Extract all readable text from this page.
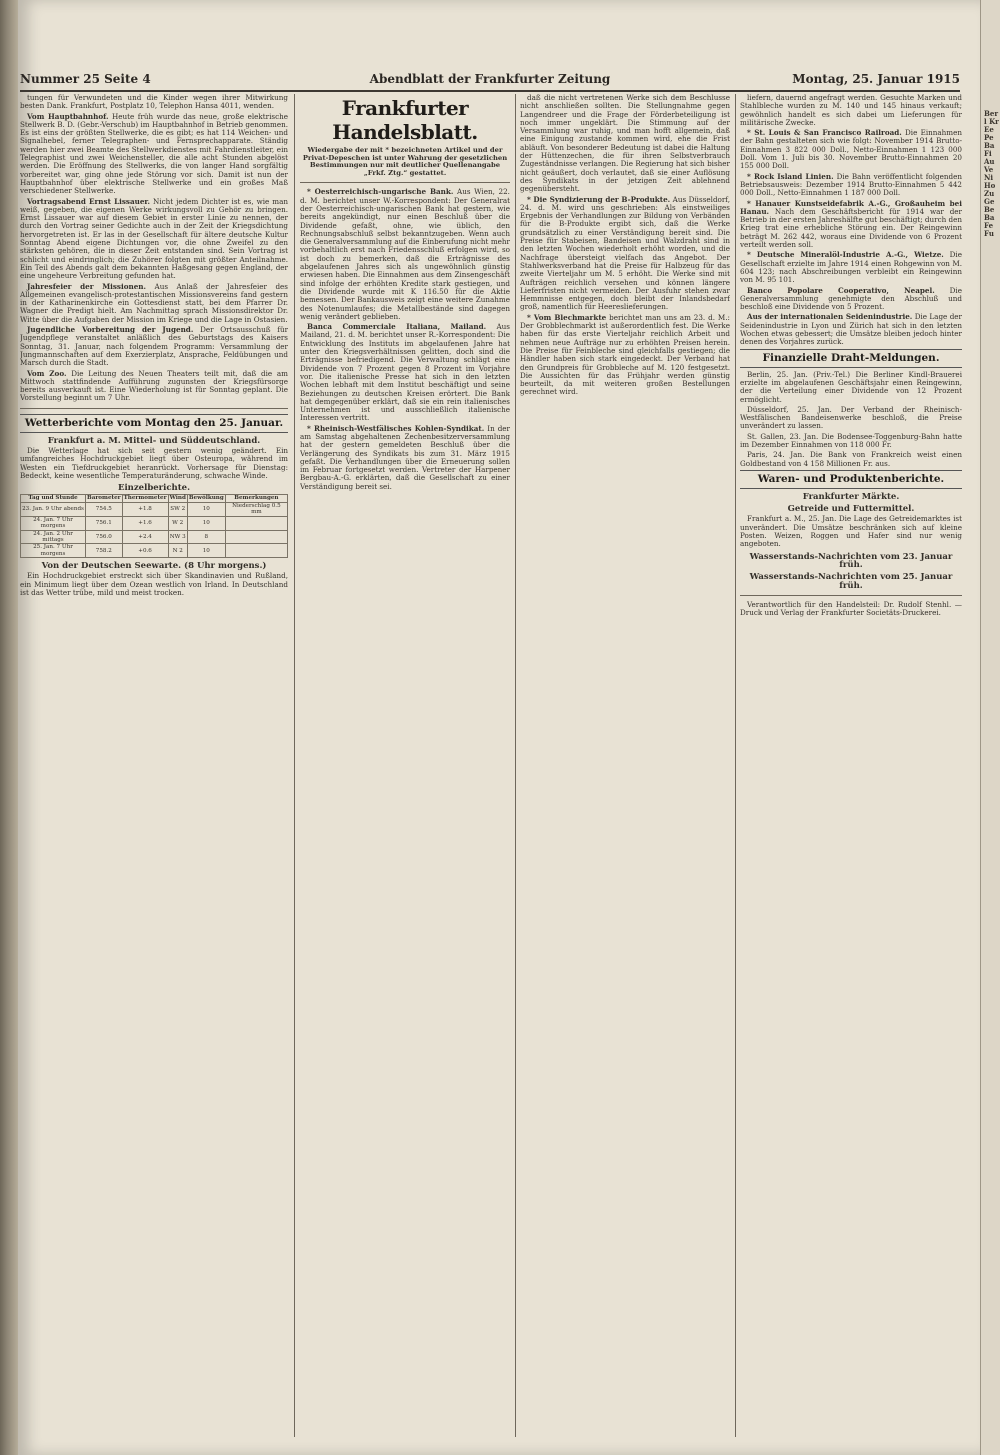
Berl Kr Ee Pe Ba Fi Au Ve Ni Ho Zu Ge Be Ba Fe Fu
Nummer 25 Seite 4	Abendblatt der Frankfurter Zeitung	Montag, 25. Januar 1915

tungen für Verwundeten und die Kinder wegen ihrer Mitwirkung besten Dank. Frankfurt, Postplatz 10, Telephon Hansa 4011, wenden.

Vom Hauptbahnhof. Heute früh wurde das neue, große elektrische Stellwerk B. D. (Gebr.-Verschub) im Hauptbahnhof in Betrieb genommen. Es ist eins der größten Stellwerke, die es gibt; es hat 114 Weichen- und Signalhebel, ferner Telegraphen- und Fernsprechapparate. Ständig werden hier zwei Beamte des Stellwerkdienstes mit Fahrdienstleiter, ein Telegraphist und zwei Weichensteller, die alle acht Stunden abgelöst werden. Die Eröffnung des Stellwerks, die von langer Hand sorgfältig vorbereitet war, ging ohne jede Störung vor sich. Damit ist nun der Hauptbahnhof über elektrische Stellwerke und ein großes Maß verschiedener Stellwerke.

Vortragsabend Ernst Lissauer. Nicht jedem Dichter ist es, wie man weiß, gegeben, die eigenen Werke wirkungsvoll zu Gehör zu bringen. Ernst Lissauer war auf diesem Gebiet in erster Linie zu nennen, der durch den Vortrag seiner Gedichte auch in der Zeit der Kriegsdichtung hervorgetreten ist. Er las in der Gesellschaft für ältere deutsche Kultur Sonntag Abend eigene Dichtungen vor, die ohne Zweifel zu den stärksten gehören, die in dieser Zeit entstanden sind. Sein Vortrag ist schlicht und eindringlich; die Zuhörer folgten mit größter Anteilnahme. Ein Teil des Abends galt dem bekannten Haßgesang gegen England, der eine ungeheure Verbreitung gefunden hat.

Jahresfeier der Missionen. Aus Anlaß der Jahresfeier des Allgemeinen evangelisch-protestantischen Missionsvereins fand gestern in der Katharinenkirche ein Gottesdienst statt, bei dem Pfarrer Dr. Wagner die Predigt hielt. Am Nachmittag sprach Missionsdirektor Dr. Witte über die Aufgaben der Mission im Kriege und die Lage in Ostasien.

Jugendliche Vorbereitung der Jugend. Der Ortsausschuß für Jugendpflege veranstaltet anläßlich des Geburtstags des Kaisers Sonntag, 31. Januar, nach folgendem Programm: Versammlung der Jungmannschaften auf dem Exerzierplatz, Ansprache, Feldübungen und Marsch durch die Stadt.

Vom Zoo. Die Leitung des Neuen Theaters teilt mit, daß die am Mittwoch stattfindende Aufführung zugunsten der Kriegsfürsorge bereits ausverkauft ist. Eine Wiederholung ist für Sonntag geplant. Die Vorstellung beginnt um 7 Uhr.

Wetterberichte vom Montag den 25. Januar.
Frankfurt a. M. Mittel- und Süddeutschland.

Die Wetterlage hat sich seit gestern wenig geändert. Ein umfangreiches Hochdruckgebiet liegt über Osteuropa, während im Westen ein Tiefdruckgebiet heranrückt. Vorhersage für Dienstag: Bedeckt, keine wesentliche Temperaturänderung, schwache Winde.

Einzelberichte.
Tag und Stunde	Barometer	Thermometer	Wind	Bewölkung	Bemerkungen
23. Jan. 9 Uhr abends	754.5	+1.8	SW 2	10	Niederschlag 0.5 mm
24. Jan. 7 Uhr morgens	756.1	+1.6	W 2	10	
24. Jan. 2 Uhr mittags	756.0	+2.4	NW 3	8	
25. Jan. 7 Uhr morgens	758.2	+0.6	N 2	10	
Von der Deutschen Seewarte. (8 Uhr morgens.)

Ein Hochdruckgebiet erstreckt sich über Skandinavien und Rußland, ein Minimum liegt über dem Ozean westlich von Irland. In Deutschland ist das Wetter trübe, mild und meist trocken.

Frankfurter Handelsblatt.
Wiedergabe der mit * bezeichneten Artikel und der Privat-Depeschen ist unter Wahrung der gesetzlichen Bestimmungen nur mit deutlicher Quellenangabe „Frkf. Ztg.“ gestattet.

* Oesterreichisch-ungarische Bank. Aus Wien, 22. d. M. berichtet unser W.-Korrespondent: Der Generalrat der Oesterreichisch-ungarischen Bank hat gestern, wie bereits angekündigt, nur einen Beschluß über die Dividende gefaßt, ohne, wie üblich, den Rechnungsabschluß selbst bekanntzugeben. Wenn auch die Generalversammlung auf die Einberufung nicht mehr vorbehaltlich erst nach Friedensschluß erfolgen wird, so ist doch zu bemerken, daß die Erträgnisse des abgelaufenen Jahres sich als ungewöhnlich günstig erwiesen haben. Die Einnahmen aus dem Zinsengeschäft sind infolge der erhöhten Kredite stark gestiegen, und die Dividende wurde mit K 116.50 für die Aktie bemessen. Der Bankausweis zeigt eine weitere Zunahme des Notenumlaufes; die Metallbestände sind dagegen wenig verändert geblieben.

Banca Commerciale Italiana, Mailand. Aus Mailand, 21. d. M. berichtet unser R.-Korrespondent: Die Entwicklung des Instituts im abgelaufenen Jahre hat unter den Kriegsverhältnissen gelitten, doch sind die Erträgnisse befriedigend. Die Verwaltung schlägt eine Dividende von 7 Prozent gegen 8 Prozent im Vorjahre vor. Die italienische Presse hat sich in den letzten Wochen lebhaft mit dem Institut beschäftigt und seine Beziehungen zu deutschen Kreisen erörtert. Die Bank hat demgegenüber erklärt, daß sie ein rein italienisches Unternehmen ist und ausschließlich italienische Interessen vertritt.

* Rheinisch-Westfälisches Kohlen-Syndikat. In der am Samstag abgehaltenen Zechenbesitzerversammlung hat der gestern gemeldeten Beschluß über die Verlängerung des Syndikats bis zum 31. März 1915 gefaßt. Die Verhandlungen über die Erneuerung sollen im Februar fortgesetzt werden. Vertreter der Harpener Bergbau-A.-G. erklärten, daß die Gesellschaft zu einer Verständigung bereit sei.

daß die nicht vertretenen Werke sich dem Beschlusse nicht anschließen sollten. Die Stellungnahme gegen Langendreer und die Frage der Förderbeteiligung ist noch immer ungeklärt. Die Stimmung auf der Versammlung war ruhig, und man hofft allgemein, daß eine Einigung zustande kommen wird, ehe die Frist abläuft. Von besonderer Bedeutung ist dabei die Haltung der Hüttenzechen, die für ihren Selbstverbrauch Zugeständnisse verlangen. Die Regierung hat sich bisher nicht geäußert, doch verlautet, daß sie einer Auflösung des Syndikats in der jetzigen Zeit ablehnend gegenübersteht.

* Die Syndizierung der B-Produkte. Aus Düsseldorf, 24. d. M. wird uns geschrieben: Als einstweiliges Ergebnis der Verhandlungen zur Bildung von Verbänden für die B-Produkte ergibt sich, daß die Werke grundsätzlich zu einer Verständigung bereit sind. Die Preise für Stabeisen, Bandeisen und Walzdraht sind in den letzten Wochen wiederholt erhöht worden, und die Nachfrage übersteigt vielfach das Angebot. Der Stahlwerksverband hat die Preise für Halbzeug für das zweite Vierteljahr um M. 5 erhöht. Die Werke sind mit Aufträgen reichlich versehen und können längere Lieferfristen nicht vermeiden. Der Ausfuhr stehen zwar Hemmnisse entgegen, doch bleibt der Inlandsbedarf groß, namentlich für Heereslieferungen.

* Vom Blechmarkte berichtet man uns am 23. d. M.: Der Grobblechmarkt ist außerordentlich fest. Die Werke haben für das erste Vierteljahr reichlich Arbeit und nehmen neue Aufträge nur zu erhöhten Preisen herein. Die Preise für Feinbleche sind gleichfalls gestiegen; die Händler haben sich stark eingedeckt. Der Verband hat den Grundpreis für Grobbleche auf M. 120 festgesetzt. Die Aussichten für das Frühjahr werden günstig beurteilt, da mit weiteren großen Bestellungen gerechnet wird.

liefern, dauernd angefragt werden. Gesuchte Marken und Stahlbleche wurden zu M. 140 und 145 hinaus verkauft; gewöhnlich handelt es sich dabei um Lieferungen für militärische Zwecke.

* St. Louis & San Francisco Railroad. Die Einnahmen der Bahn gestalteten sich wie folgt: November 1914 Brutto-Einnahmen 3 822 000 Doll., Netto-Einnahmen 1 123 000 Doll. Vom 1. Juli bis 30. November Brutto-Einnahmen 20 155 000 Doll.

* Rock Island Linien. Die Bahn veröffentlicht folgenden Betriebsausweis: Dezember 1914 Brutto-Einnahmen 5 442 000 Doll., Netto-Einnahmen 1 187 000 Doll.

* Hanauer Kunstseidefabrik A.-G., Großauheim bei Hanau. Nach dem Geschäftsbericht für 1914 war der Betrieb in der ersten Jahreshälfte gut beschäftigt; durch den Krieg trat eine erhebliche Störung ein. Der Reingewinn beträgt M. 262 442, woraus eine Dividende von 6 Prozent verteilt werden soll.

* Deutsche Mineralöl-Industrie A.-G., Wietze. Die Gesellschaft erzielte im Jahre 1914 einen Rohgewinn von M. 604 123; nach Abschreibungen verbleibt ein Reingewinn von M. 95 101.

Banco Popolare Cooperativo, Neapel. Die Generalversammlung genehmigte den Abschluß und beschloß eine Dividende von 5 Prozent.

Aus der internationalen Seidenindustrie. Die Lage der Seidenindustrie in Lyon und Zürich hat sich in den letzten Wochen etwas gebessert; die Umsätze bleiben jedoch hinter denen des Vorjahres zurück.

Finanzielle Draht-Meldungen.

Berlin, 25. Jan. (Priv.-Tel.) Die Berliner Kindl-Brauerei erzielte im abgelaufenen Geschäftsjahr einen Reingewinn, der die Verteilung einer Dividende von 12 Prozent ermöglicht.

Düsseldorf, 25. Jan. Der Verband der Rheinisch-Westfälischen Bandeisenwerke beschloß, die Preise unverändert zu lassen.

St. Gallen, 23. Jan. Die Bodensee-Toggenburg-Bahn hatte im Dezember Einnahmen von 118 000 Fr.

Paris, 24. Jan. Die Bank von Frankreich weist einen Goldbestand von 4 158 Millionen Fr. aus.

Waren- und Produktenberichte.
Frankfurter Märkte.
Getreide und Futtermittel.

Frankfurt a. M., 25. Jan. Die Lage des Getreidemarktes ist unverändert. Die Umsätze beschränken sich auf kleine Posten. Weizen, Roggen und Hafer sind nur wenig angeboten.

Wasserstands-Nachrichten vom 23. Januar früh.
Wasserstands-Nachrichten vom 25. Januar früh.

Verantwortlich für den Handelsteil: Dr. Rudolf Stenhl. — Druck und Verlag der Frankfurter Societäts-Druckerei.
